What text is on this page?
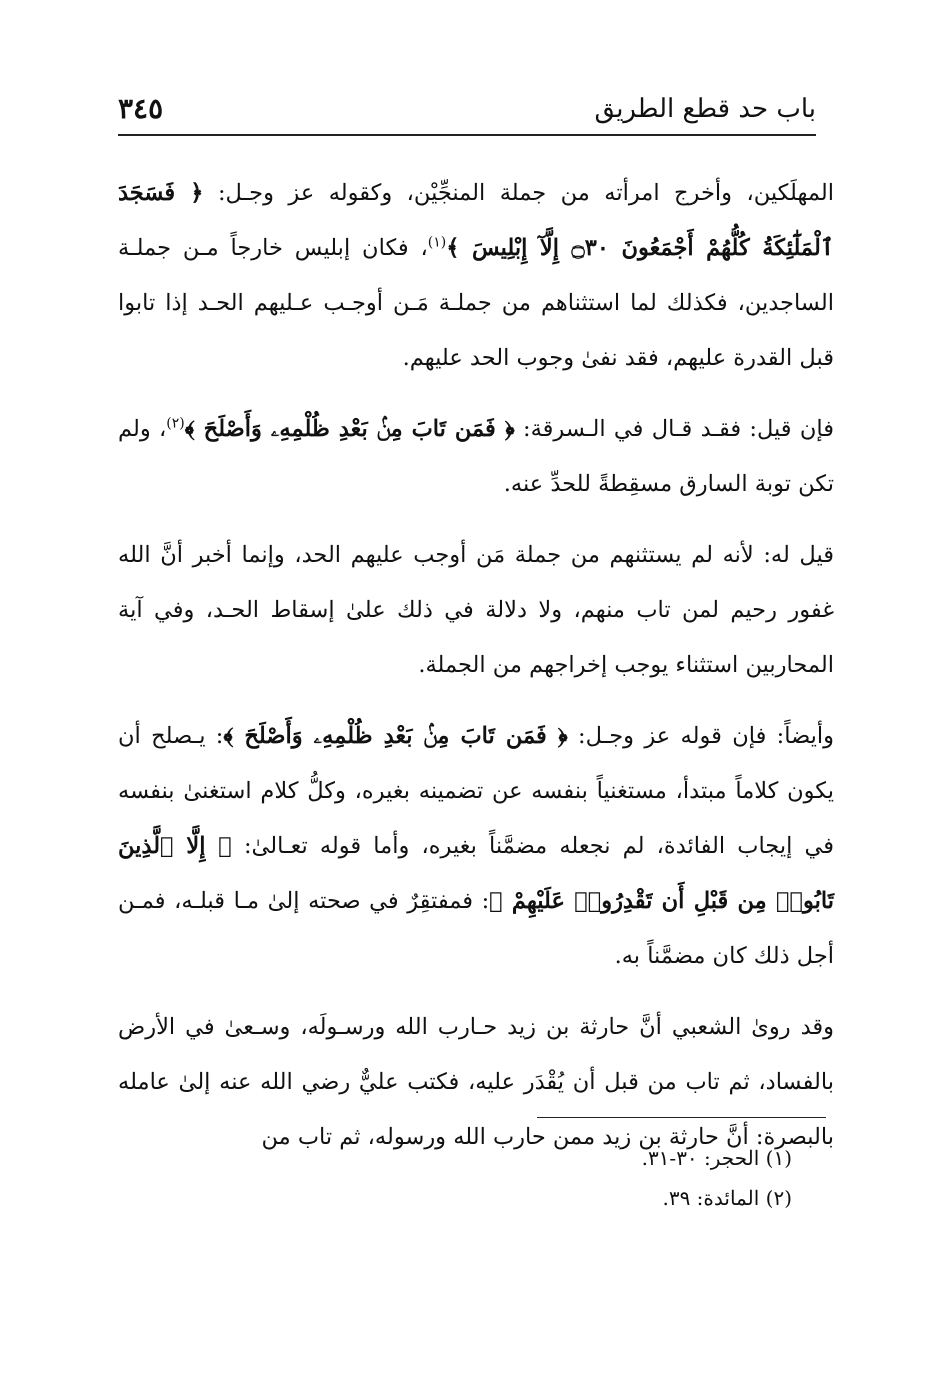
باب حد قطع الطريق
٣٤٥

المهلَكين، وأخرج امرأته من جملة المنجِّيْن، وكقوله عز وجـل: ﴿ فَسَجَدَ ٱلْمَلَٰٓئِكَةُ كُلُّهُمْ أَجْمَعُونَ ۝٣٠ إِلَّآ إِبْلِيسَ ﴾$^{(١)}$، فكان إبليس خارجاً مـن جملـة الساجدين، فكذلك لما استثناهم من جملـة مَـن أوجـب عـليهم الحـد إذا تابوا قبل القدرة عليهم، فقد نفىٰ وجوب الحد عليهم.

فإن قيل: فقـد قـال في الـسرقة: ﴿ فَمَن تَابَ مِنۢ بَعْدِ ظُلْمِهِۦ وَأَصْلَحَ ﴾$^{(٢)}$، ولم تكن توبة السارق مسقِطةً للحدِّ عنه.

قيل له: لأنه لم يستثنهم من جملة مَن أوجب عليهم الحد، وإنما أخبر أنَّ الله غفور رحيم لمن تاب منهم، ولا دلالة في ذلك علىٰ إسقاط الحـد، وفي آية المحاربين استثناء يوجب إخراجهم من الجملة.

وأيضاً: فإن قوله عز وجـل: ﴿ فَمَن تَابَ مِنۢ بَعْدِ ظُلْمِهِۦ وَأَصْلَحَ ﴾: يـصلح أن يكون كلاماً مبتدأ، مستغنياً بنفسه عن تضمينه بغيره، وكلُّ كلام استغنىٰ بنفسه في إيجاب الفائدة، لم نجعله مضمَّناً بغيره، وأما قوله تعـالىٰ: ﴿ إِلَّا ٱلَّذِينَ تَابُوا۟ مِن قَبْلِ أَن تَقْدِرُوا۟ عَلَيْهِمْ ﴾: فمفتقِرٌ في صحته إلىٰ مـا قبلـه، فمـن أجل ذلك كان مضمَّناً به.

وقد روىٰ الشعبي أنَّ حارثة بن زيد حـارب الله ورسـولَه، وسـعىٰ في الأرض بالفساد، ثم تاب من قبل أن يُقْدَر عليه، فكتب عليٌّ رضي الله عنه إلىٰ عامله بالبصرة: أنَّ حارثة بن زيد ممن حارب الله ورسوله، ثم تاب من

(١) الحجر: ٣٠-٣١.
(٢) المائدة: ٣٩.
